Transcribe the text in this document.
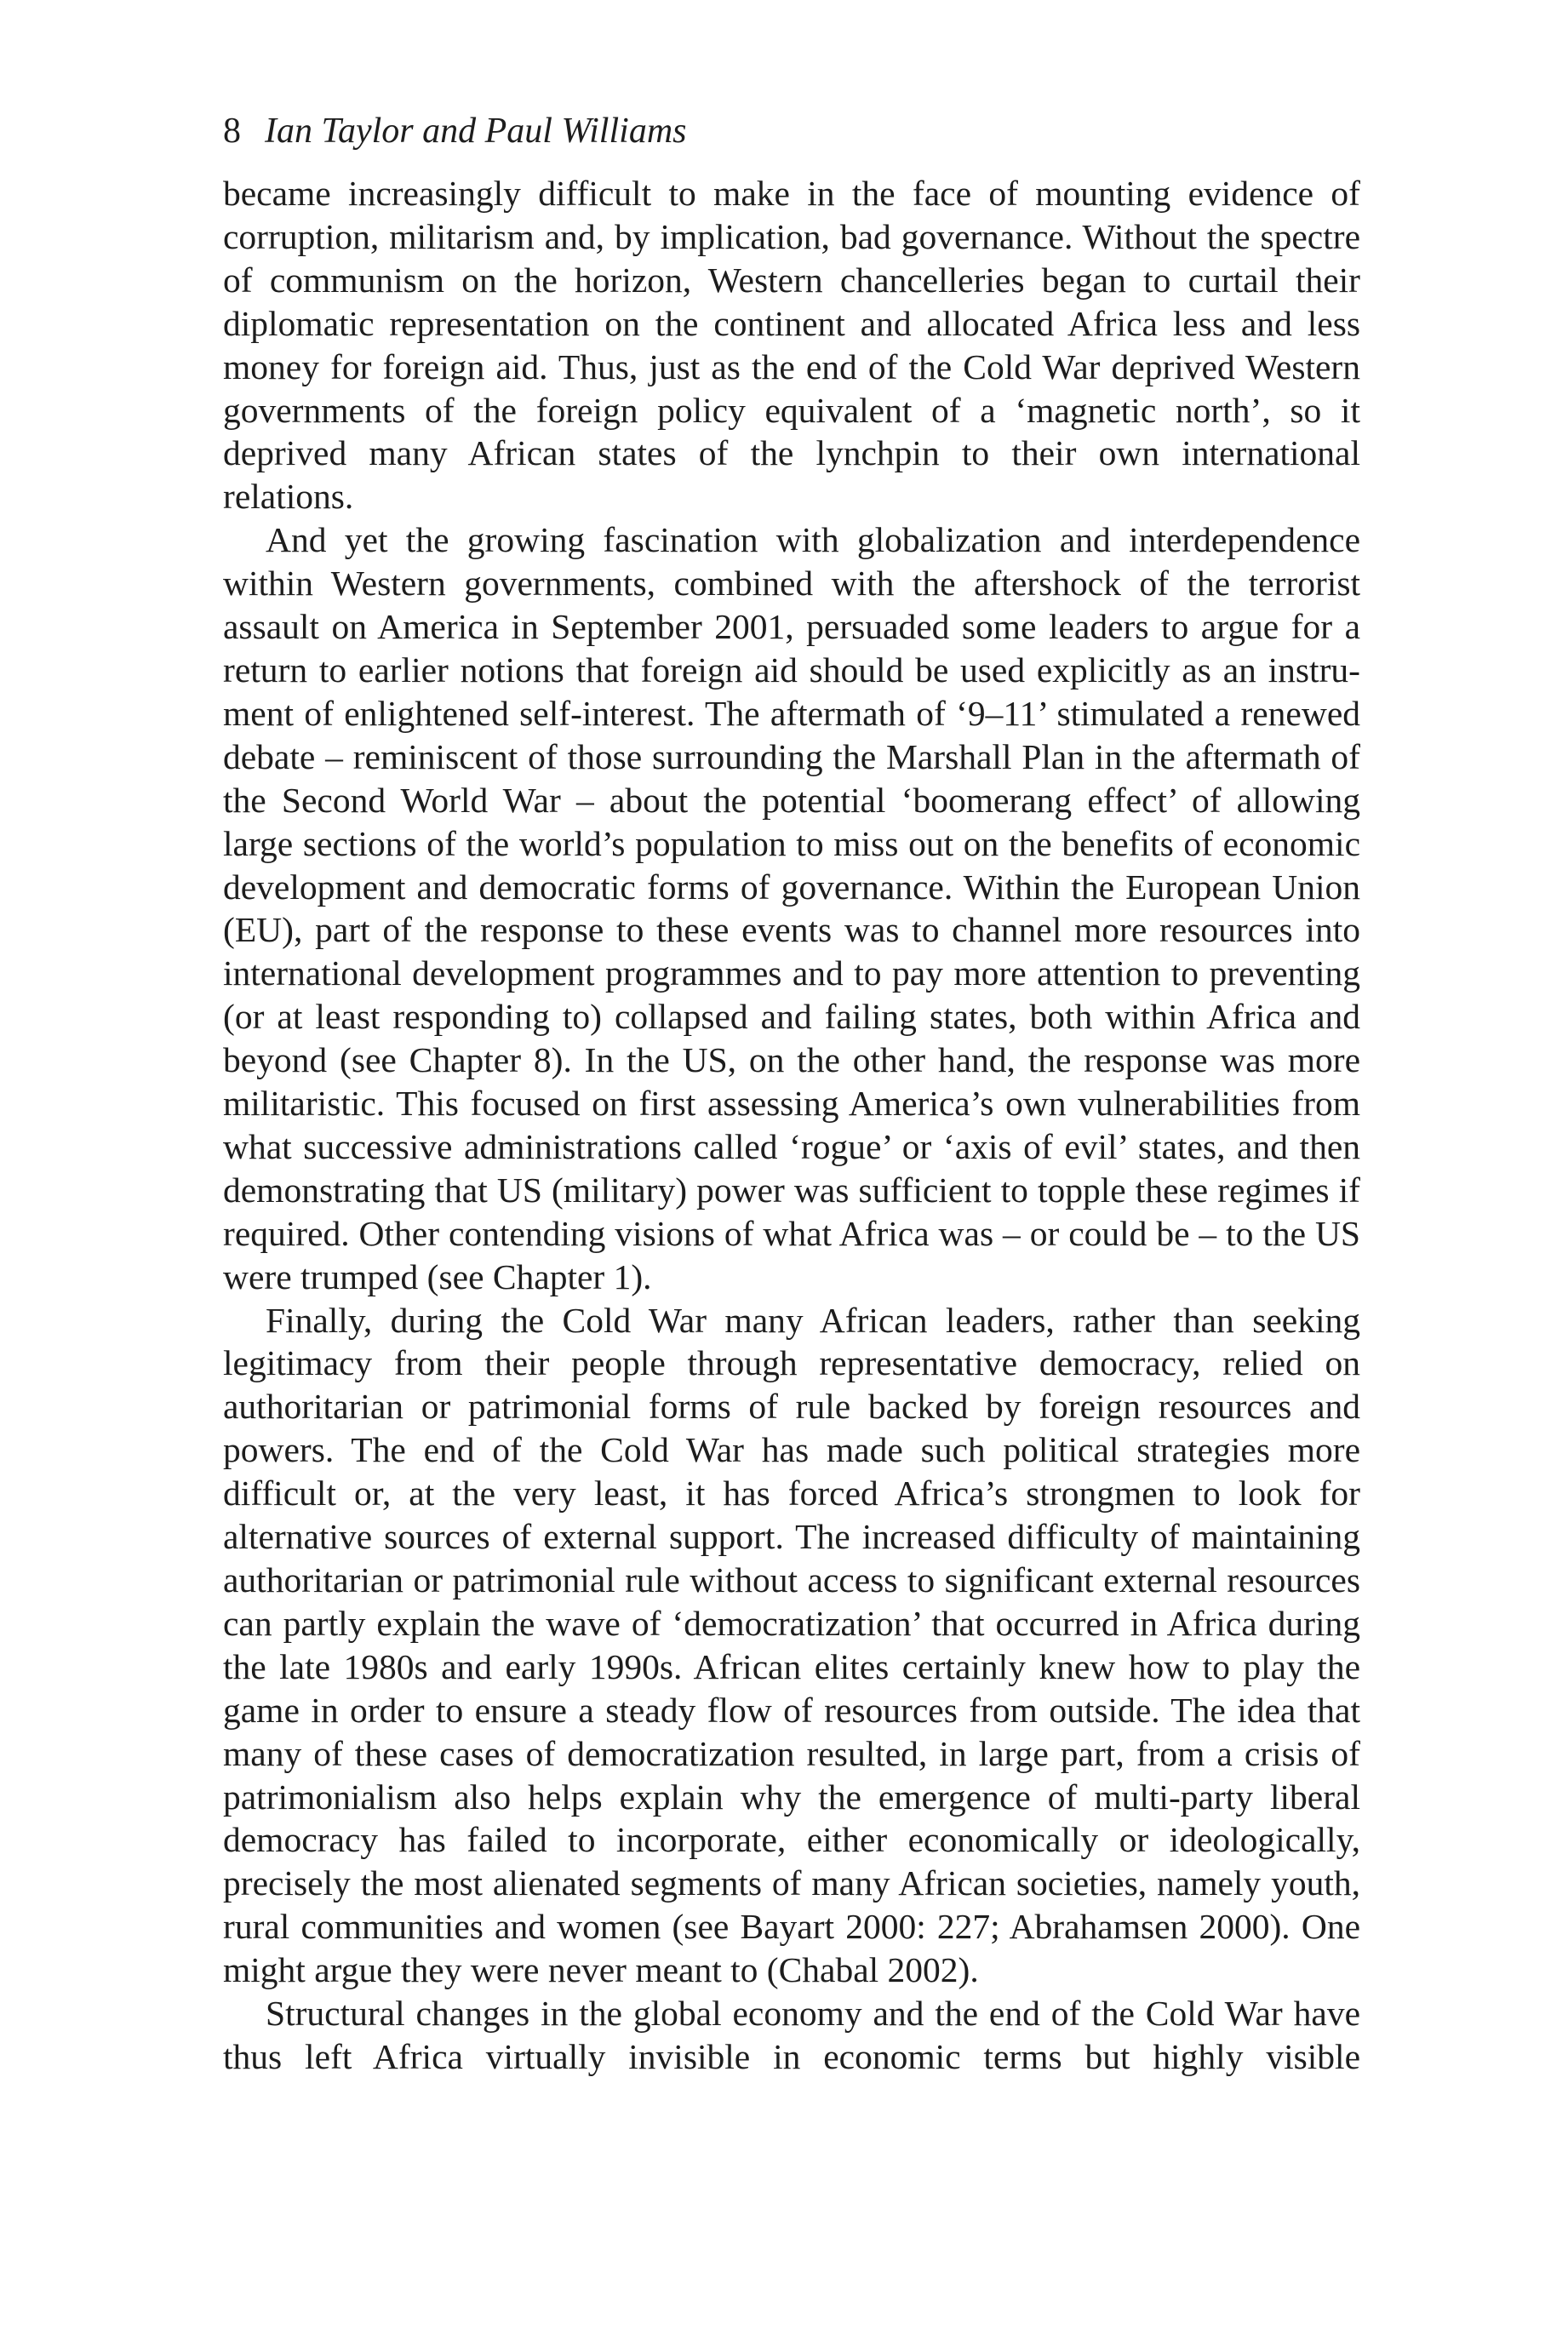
8 Ian Taylor and Paul Williams

became increasingly difficult to make in the face of mounting evidence of corruption, militarism and, by implication, bad governance. Without the spectre of communism on the horizon, Western chancelleries began to curtail their diplomatic representation on the continent and allocated Africa less and less money for foreign aid. Thus, just as the end of the Cold War deprived Western governments of the foreign policy equivalent of a ‘magnetic north’, so it deprived many African states of the lynchpin to their own international relations.

And yet the growing fascination with globalization and interdependence within Western governments, combined with the aftershock of the terrorist assault on America in September 2001, persuaded some leaders to argue for a return to earlier notions that foreign aid should be used explicitly as an instrument of enlightened self-interest. The aftermath of ‘9–11’ stimulated a renewed debate – reminiscent of those surrounding the Marshall Plan in the aftermath of the Second World War – about the potential ‘boomerang effect’ of allowing large sections of the world’s population to miss out on the benefits of economic development and democratic forms of governance. Within the European Union (EU), part of the response to these events was to channel more resources into international development programmes and to pay more attention to preventing (or at least responding to) collapsed and failing states, both within Africa and beyond (see Chapter 8). In the US, on the other hand, the response was more militaristic. This focused on first assessing America’s own vulnerabilities from what successive administrations called ‘rogue’ or ‘axis of evil’ states, and then demonstrating that US (military) power was sufficient to topple these regimes if required. Other contending visions of what Africa was – or could be – to the US were trumped (see Chapter 1).

Finally, during the Cold War many African leaders, rather than seeking legitimacy from their people through representative democracy, relied on authoritarian or patrimonial forms of rule backed by foreign resources and powers. The end of the Cold War has made such political strategies more difficult or, at the very least, it has forced Africa’s strongmen to look for alternative sources of external support. The increased difficulty of maintaining authoritarian or patrimonial rule without access to significant external resources can partly explain the wave of ‘democratization’ that occurred in Africa during the late 1980s and early 1990s. African elites certainly knew how to play the game in order to ensure a steady flow of resources from outside. The idea that many of these cases of democratization resulted, in large part, from a crisis of patrimonialism also helps explain why the emergence of multi-party liberal democracy has failed to incorporate, either economically or ideologically, precisely the most alienated segments of many African societies, namely youth, rural communities and women (see Bayart 2000: 227; Abrahamsen 2000). One might argue they were never meant to (Chabal 2002).

Structural changes in the global economy and the end of the Cold War have thus left Africa virtually invisible in economic terms but highly visible
